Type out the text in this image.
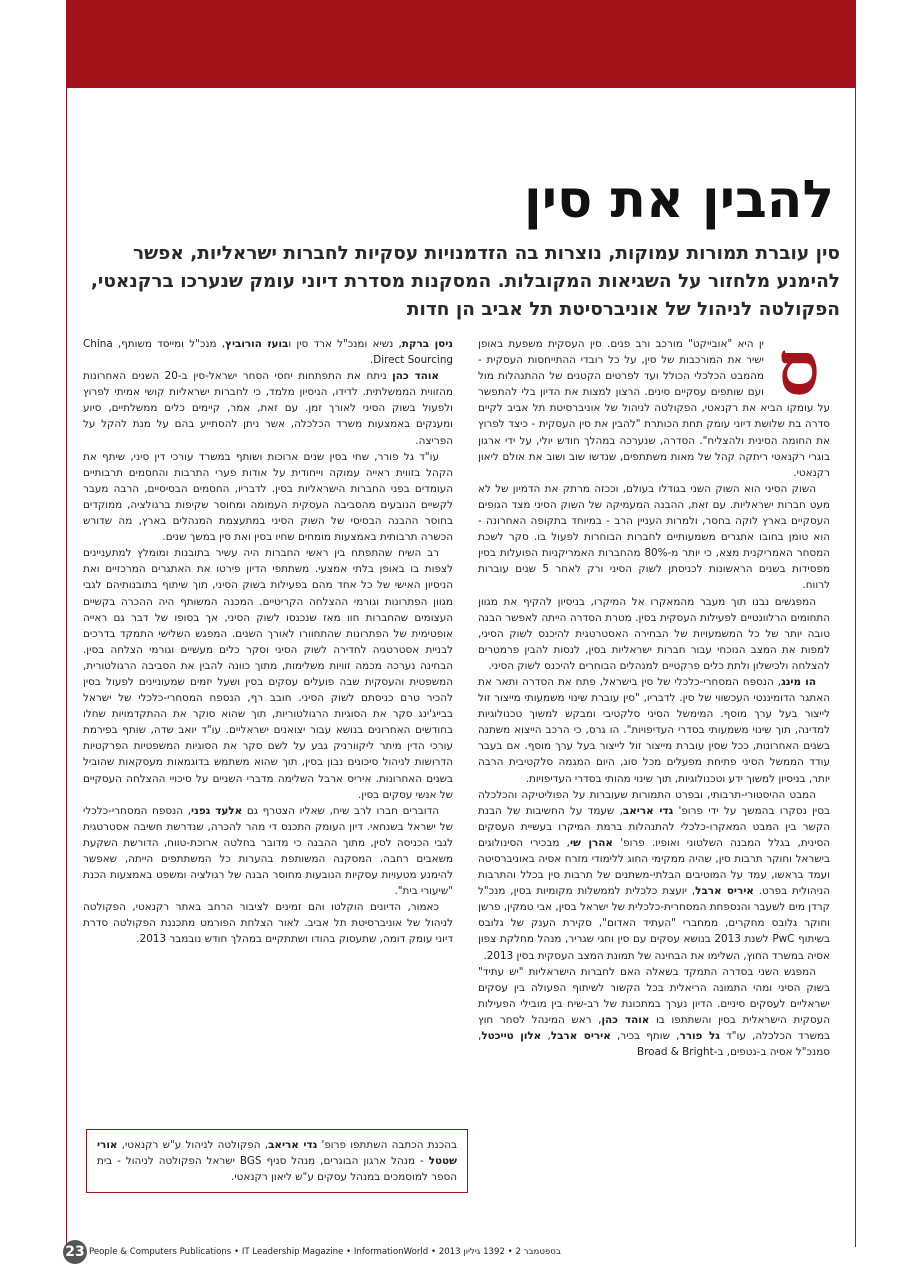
להבין את סין
סין עוברת תמורות עמוקות, נוצרות בה הזדמנויות עסקיות לחברות ישראליות, אפשר להימנע מלחזור על השגיאות המקובלות. המסקנות מסדרת דיוני עומק שנערכו ברקנאטי, הפקולטה לניהול של אוניברסיטת תל אביב הן חדות
ס

ין היא "אובייקט" מורכב ורב פנים. סין העסקית משפעת באופן ישיר את המורכבות של סין, על כל רובדי ההתייחסות העסקית - מהמבט הכלכלי הכולל ועד לפרטים הקטנים של ההתנהלות מול ועם שותפים עסקיים סינים. הרצון למצות את הדיון בלי להתפשר על עומקו הביא את רקנאטי, הפקולטה לניהול של אוניברסיטת תל אביב לקיים סדרה בת שלושת דיוני עומק תחת הכותרת "להבין את סין העסקית - כיצד לפרוץ את החומה הסינית ולהצליח". הסדרה, שנערכה במהלך חודש יולי, על ידי ארגון בוגרי רקנאטי ריתקה קהל של מאות משתתפים, שנדשו שוב ושוב את אולם ליאון רקנאטי.

השוק הסיני הוא השוק השני בגודלו בעולם, וככזה מרתק את הדמיון של לא מעט חברות ישראליות. עם זאת, ההבנה המעמיקה של השוק הסיני מצד הגופים העסקיים בארץ לוקה בחסר, ולמרות העניין הרב - במיוחד בתקופה האחרונה - הוא טומן בחובו אתגרים משמעותיים לחברות הבוחרות לפעול בו. סקר לשכת המסחר האמריקנית מצא, כי יותר מ-80% מהחברות האמריקניות הפועלות בסין מפסידות בשנים הראשונות לכניסתן לשוק הסיני ורק לאחר 5 שנים עוברות לרווח.

המפגשים נבנו תוך מעבר מהמאקרו אל המיקרו, בניסיון להקיף את מגוון התחומים הרלוונטיים לפעילות העסקית בסין. מטרת הסדרה הייתה לאפשר הבנה טובה יותר של כל המשמעויות של הבחירה האסטרטגית להיכנס לשוק הסיני, למפות את המצב הנוכחי עבור חברות ישראליות בסין, לנסות להבין פרמטרים להצלחה ולכישלון ולתת כלים פרקטיים למנהלים הבוחרים להיכנס לשוק הסיני.

הו מינג, הנספח המסחרי-כלכלי של סין בישראל, פתח את הסדרה ותאר את האתגר הדומיננטי העכשווי של סין. לדבריו, "סין עוברת שינוי משמעותי מייצור זול לייצור בעל ערך מוסף. המימשל הסיני סלקטיבי ומבקש למשוך טכנולוגיות למדינה, תוך שינוי משמעותי בסדרי העדיפויות". הו גרס, כי הרכב הייצוא משתנה בשנים האחרונות, ככל שסין עוברת מייצור זול לייצור בעל ערך מוסף. אם בעבר עודד הממשל הסיני פתיחת מפעלים מכל סוג, היום המגמה סלקטיבית הרבה יותר, בניסיון למשוך ידע וטכנולוגיות, תוך שינוי מהותי בסדרי העדיפויות.

המבט ההיסטורי-תרבותי, ובפרט התמורות שעוברות על הפוליטיקה והכלכלה בסין נסקרו בהמשך על ידי פרופ' גדי אריאב, שעמד על החשיבות של הבנת הקשר בין המבט המאקרו-כלכלי להתנהלות ברמת המיקרו בעשיית העסקים הסינית, בגלל המבנה השלטוני ואופיו. פרופ' אהרן שי, מבכירי הסינולוגים בישראל וחוקר תרבות סין, שהיה ממקימי החוג ללימודי מזרח אסיה באוניברסיטה ועמד בראשו, עמד על המוטיבים הבלתי-משתנים של תרבות סין בכלל והתרבות הניהולית בפרט. איריס ארבל, יועצת כלכלית לממשלות מקומיות בסין, מנכ"ל קרדן מים לשעבר והנספחת המסחרית-כלכלית של ישראל בסין, אבי טמקין, פרשן וחוקר גלובס מחקרים, ממחברי "העתיד האדום", סקירת הענק של גלובס בשיתוף PwC לשנת 2013 בנושא עסקים עם סין וחגי שגריר, מנהל מחלקת צפון אסיה במשרד החוץ, השלימו את הבחינה של תמונת המצב העסקית בסין 2013.

המפגש השני בסדרה התמקד בשאלה האם לחברות הישראליות "יש עתיד" בשוק הסיני ומהי התמונה הריאלית בכל הקשור לשיתוף הפעולה בין עסקים ישראליים לעסקים סיניים. הדיון נערך במתכונת של רב-שיח בין מובילי הפעילות העסקית הישראלית בסין והשתתפו בו אוהד כהן, ראש המינהל לסחר חוץ במשרד הכלכלה, עו"ד גל פורר, שותף בכיר, איריס ארבל, אלון טייכטל, סמנכ"ל אסיה ב-נטפים, ב-Broad & Bright

ניסן ברקת, נשיא ומנכ"ל ארד סין ובועז הורוביץ, מנכ"ל ומייסד משותף, China Direct Sourcing.

אוהד כהן ניתח את התפתחות יחסי הסחר ישראל-סין ב-20 השנים האחרונות מהזווית הממשלתית. לדידו, הניסיון מלמד, כי לחברות ישראליות קושי אמיתי לפרוץ ולפעול בשוק הסיני לאורך זמן. עם זאת, אמר, קיימים כלים ממשלתיים, סיוע ומענקים באמצעות משרד הכלכלה, אשר ניתן להסתייע בהם על מנת להקל על הפריצה.

עו"ד גל פורר, שחי בסין שנים ארוכות ושותף במשרד עורכי דין סיני, שיתף את הקהל בזווית ראייה עמוקה וייחודית על אודות פערי התרבות והחסמים תרבותיים העומדים בפני החברות הישראליות בסין. לדבריו, החסמים הבסיסיים, הרבה מעבר לקשיים הנובעים מהסביבה העסקית העמומה ומחוסר שקיפות ברגולציה, ממוקדים בחוסר ההבנה הבסיסי של השוק הסיני במתעצמת המנהלים בארץ, מה שדורש הכשרה תרבותית באמצעות מומחים שחיו בסין ואת סין במשך שנים.

רב השיח שהתפתח בין ראשי החברות היה עשיר בתובנות ומומלץ למתעניינים לצפות בו באופן בלתי אמצעי. משתתפי הדיון פירטו את האתגרים המרכזיים ואת הניסיון האישי של כל אחד מהם בפעילות בשוק הסיני, תוך שיתוף בתובנותיהם לגבי מגוון הפתרונות וגורמי ההצלחה הקריטיים. המכנה המשותף היה ההכרה בקשיים העצומים שהחברות חוו מאז שנכנסו לשוק הסיני, אך בסופו של דבר גם ראייה אופטימית של הפתרונות שהתחוורו לאורך השנים. המפגש השלישי התמקד בדרכים לבניית אסטרטגיה לחדירה לשוק הסיני וסקר כלים מעשיים וגורמי הצלחה בסין. הבחינה נערכה מכמה זוויות משלימות, מתוך כוונה להבין את הסביבה הרגולטורית, המשפטית והעסקית שבה פועלים עסקים בסין ושעל יזמים שמעוניינים לפעול בסין להכיר טרם כניסתם לשוק הסיני. חובב רף, הנספח המסחרי-כלכלי של ישראל בבייג'ינג סקר את הסוגיות הרגולטוריות, תוך שהוא סוקר את ההתקדמויות שחלו בחודשים האחרונים בנושא עבור יצואנים ישראליים. עו"ד יואב שדה, שותף בפירמת עורכי הדין מיתר ליקוורניק גבע על לשם סקר את הסוגיות המשפטיות הפרקטיות הדרושות לניהול סיכונים נבון בסין, תוך שהוא משתמש בדוגמאות מעסקאות שהוביל בשנים האחרונות. איריס ארבל השלימה מדברי השניים על סיכויי ההצלחה העסקיים של אנשי עסקים בסין.

הדוברים חברו לרב שיח, שאליו הצטרף גם אלעד גפני, הנספח המסחרי-כלכלי של ישראל בשנחאי. דיון העומק התכנס די מהר להכרה, שנדרשת חשיבה אסטרטגית לגבי הכניסה לסין, מתוך ההבנה כי מדובר בחלטה ארוכת-טווח, הדורשת השקעת משאבים רחבה. המסקנה המשותפת בהערות כל המשתתפים הייתה, שאפשר להימנע מטעויות עסקיות הנובעות מחוסר הבנה של רגולציה ומשפט באמצעות הכנת "שיעורי בית".

כאמור, הדיונים הוקלטו והם זמינים לציבור הרחב באתר רקנאטי, הפקולטה לניהול של אוניברסיטת תל אביב. לאור הצלחת הפורמט מתכננת הפקולטה סדרת דיוני עומק דומה, שתעסוק בהודו ושתתקיים במהלך חודש נובמבר 2013.

בהכנת הכתבה השתתפו פרופ' גדי אריאב, הפקולטה לניהול ע"ש רקנאטי, אורי שטטל - מנהל ארגון הבוגרים, מנהל סניף BGS ישראל הפקולטה לניהול - בית הספר למוסמכים במנהל עסקים ע"ש ליאון רקנאטי.
23 People & Computers Publications • IT Leadership Magazine • InformationWorld • 2013 בספטמבר 2 • 1392 גיליון
